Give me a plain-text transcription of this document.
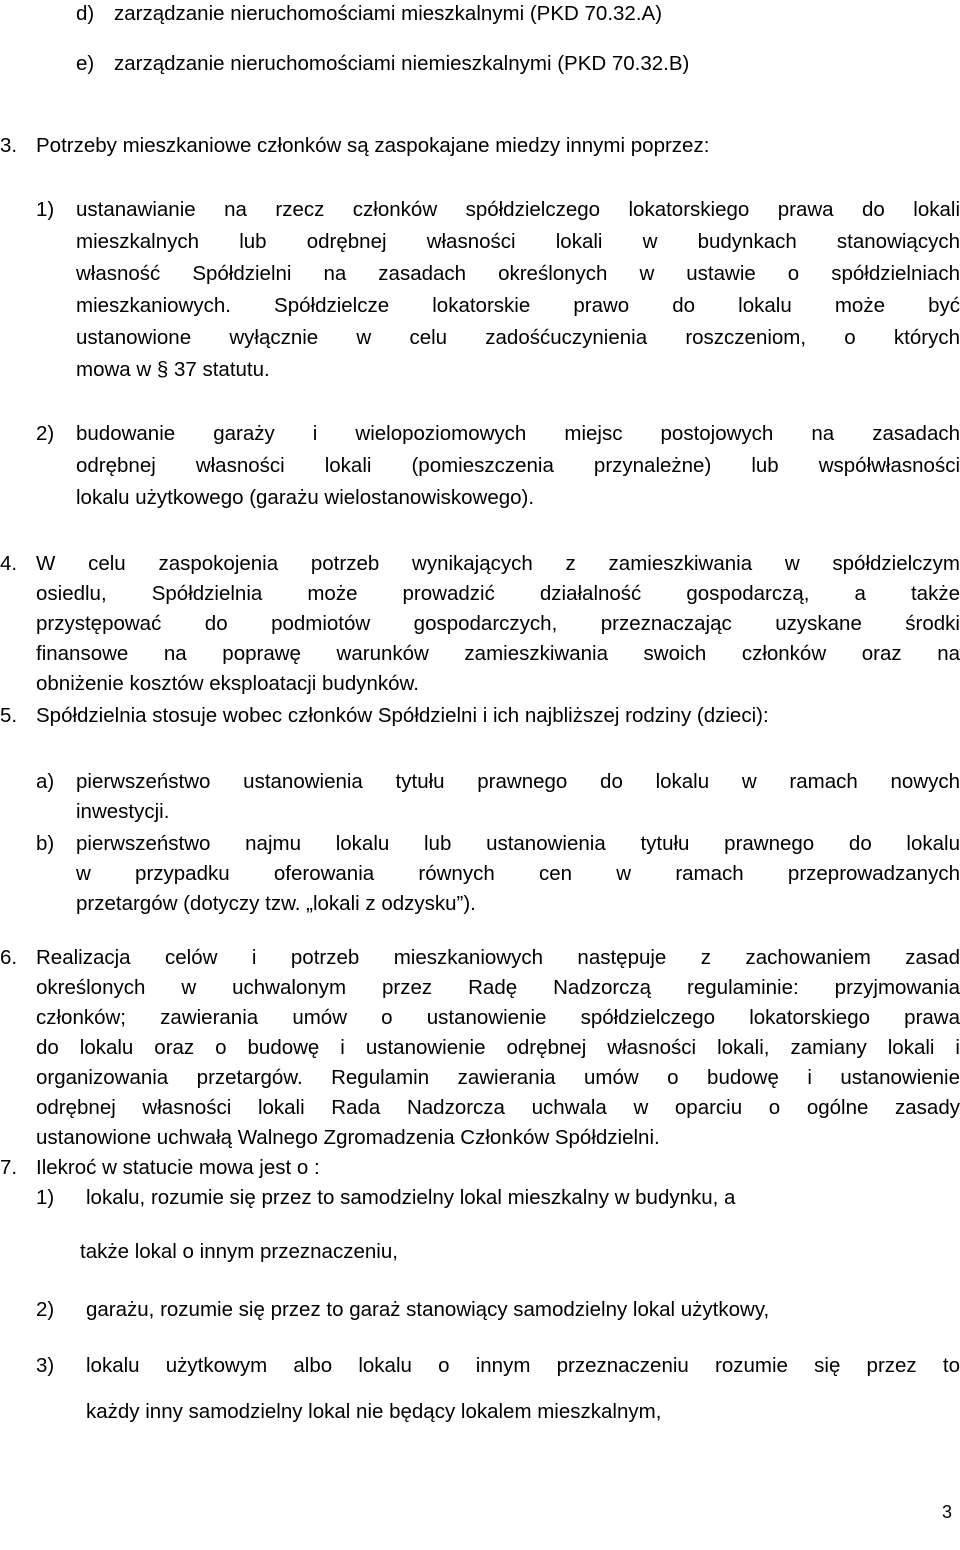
d) zarządzanie nieruchomościami mieszkalnymi (PKD 70.32.A)
e) zarządzanie nieruchomościami niemieszkalnymi (PKD 70.32.B)
3. Potrzeby mieszkaniowe członków są zaspokajane miedzy innymi poprzez:
1) ustanawianie na rzecz członków spółdzielczego lokatorskiego prawa do lokali
mieszkalnych lub odrębnej własności lokali w budynkach stanowiących
własność Spółdzielni na zasadach określonych w ustawie o spółdzielniach
mieszkaniowych. Spółdzielcze lokatorskie prawo do lokalu może być
ustanowione wyłącznie w celu zadośćuczynienia roszczeniom, o których
mowa w § 37 statutu.
2) budowanie garaży i wielopoziomowych miejsc postojowych na zasadach
odrębnej własności lokali (pomieszczenia przynależne) lub współwłasności
lokalu użytkowego (garażu wielostanowiskowego).
4. W celu zaspokojenia potrzeb wynikających z zamieszkiwania w spółdzielczym
osiedlu, Spółdzielnia może prowadzić działalność gospodarczą, a także
przystępować do podmiotów gospodarczych, przeznaczając uzyskane środki
finansowe na poprawę warunków zamieszkiwania swoich członków oraz na
obniżenie kosztów eksploatacji budynków.
5. Spółdzielnia stosuje wobec członków Spółdzielni i ich najbliższej rodziny (dzieci):
a) pierwszeństwo ustanowienia tytułu prawnego do lokalu w ramach nowych
inwestycji.
b) pierwszeństwo najmu lokalu lub ustanowienia tytułu prawnego do lokalu
w przypadku oferowania równych cen w ramach przeprowadzanych
przetargów (dotyczy tzw. „lokali z odzysku”).
6. Realizacja celów i potrzeb mieszkaniowych następuje z zachowaniem zasad
określonych w uchwalonym przez Radę Nadzorczą regulaminie: przyjmowania
członków; zawierania umów o ustanowienie spółdzielczego lokatorskiego prawa
do lokalu oraz o budowę i ustanowienie odrębnej własności lokali, zamiany lokali i
organizowania przetargów. Regulamin zawierania umów o budowę i ustanowienie
odrębnej własności lokali Rada Nadzorcza uchwala w oparciu o ogólne zasady
ustanowione uchwałą Walnego Zgromadzenia Członków Spółdzielni.
7. Ilekroć w statucie mowa jest o :
1) lokalu, rozumie się przez to samodzielny lokal mieszkalny w budynku, a
także lokal o innym przeznaczeniu,
2) garażu, rozumie się przez to garaż stanowiący samodzielny lokal użytkowy,
3) lokalu użytkowym albo lokalu o innym przeznaczeniu rozumie się przez to
każdy inny samodzielny lokal nie będący lokalem mieszkalnym,
3
